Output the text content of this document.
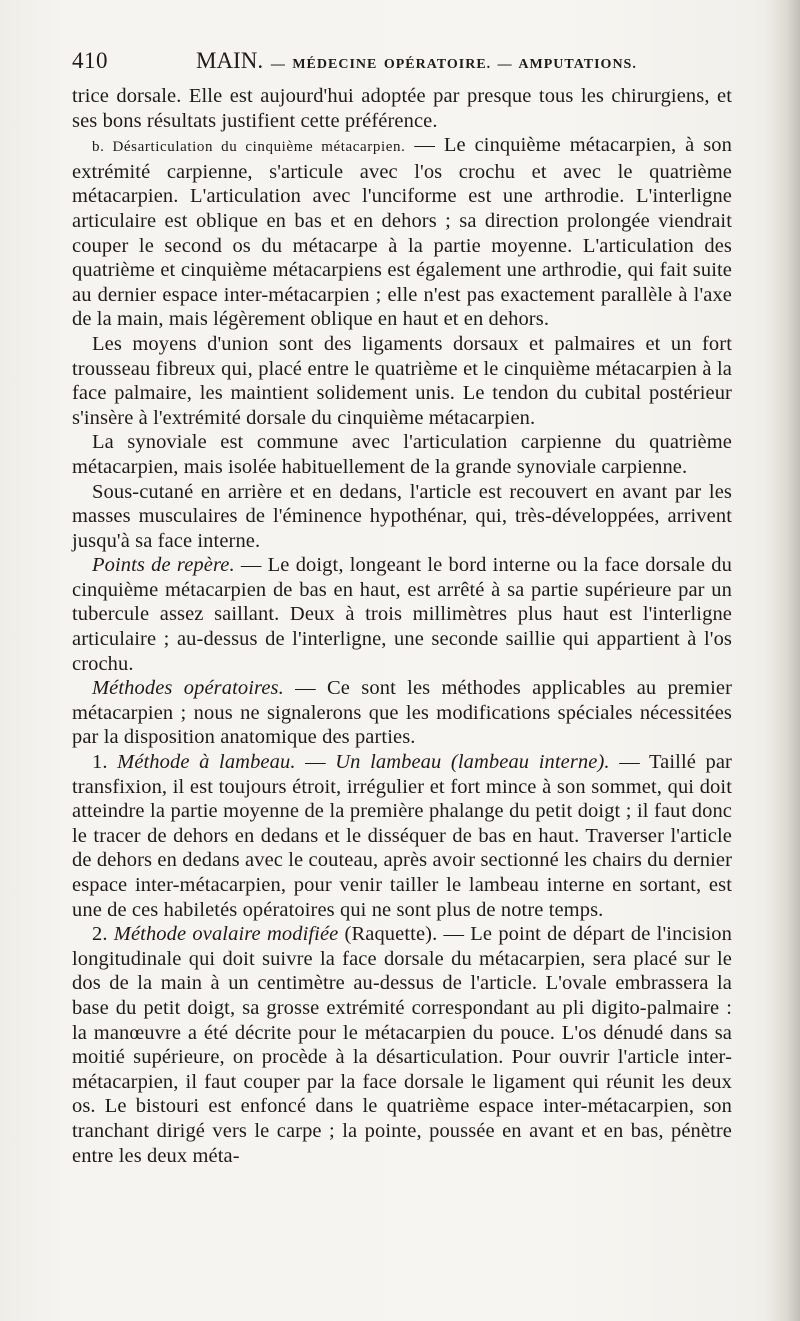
410	MAIN. — MÉDECINE OPÉRATOIRE. — AMPUTATIONS.

trice dorsale. Elle est aujourd'hui adoptée par presque tous les chirurgiens, et ses bons résultats justifient cette préférence.

b. Désarticulation du cinquième métacarpien. — Le cinquième métacarpien, à son extrémité carpienne, s'articule avec l'os crochu et avec le quatrième métacarpien. L'articulation avec l'unciforme est une arthrodie. L'interligne articulaire est oblique en bas et en dehors ; sa direction prolongée viendrait couper le second os du métacarpe à la partie moyenne. L'articulation des quatrième et cinquième métacarpiens est également une arthrodie, qui fait suite au dernier espace inter-métacarpien ; elle n'est pas exactement parallèle à l'axe de la main, mais légèrement oblique en haut et en dehors.

Les moyens d'union sont des ligaments dorsaux et palmaires et un fort trousseau fibreux qui, placé entre le quatrième et le cinquième métacarpien à la face palmaire, les maintient solidement unis. Le tendon du cubital postérieur s'insère à l'extrémité dorsale du cinquième métacarpien.

La synoviale est commune avec l'articulation carpienne du quatrième métacarpien, mais isolée habituellement de la grande synoviale carpienne.

Sous-cutané en arrière et en dedans, l'article est recouvert en avant par les masses musculaires de l'éminence hypothénar, qui, très-développées, arrivent jusqu'à sa face interne.

Points de repère. — Le doigt, longeant le bord interne ou la face dorsale du cinquième métacarpien de bas en haut, est arrêté à sa partie supérieure par un tubercule assez saillant. Deux à trois millimètres plus haut est l'interligne articulaire ; au-dessus de l'interligne, une seconde saillie qui appartient à l'os crochu.

Méthodes opératoires. — Ce sont les méthodes applicables au premier métacarpien ; nous ne signalerons que les modifications spéciales nécessitées par la disposition anatomique des parties.

1. Méthode à lambeau. — Un lambeau (lambeau interne). — Taillé par transfixion, il est toujours étroit, irrégulier et fort mince à son sommet, qui doit atteindre la partie moyenne de la première phalange du petit doigt ; il faut donc le tracer de dehors en dedans et le disséquer de bas en haut. Traverser l'article de dehors en dedans avec le couteau, après avoir sectionné les chairs du dernier espace inter-métacarpien, pour venir tailler le lambeau interne en sortant, est une de ces habiletés opératoires qui ne sont plus de notre temps.

2. Méthode ovalaire modifiée (Raquette). — Le point de départ de l'incision longitudinale qui doit suivre la face dorsale du métacarpien, sera placé sur le dos de la main à un centimètre au-dessus de l'article. L'ovale embrassera la base du petit doigt, sa grosse extrémité correspondant au pli digito-palmaire : la manœuvre a été décrite pour le métacarpien du pouce. L'os dénudé dans sa moitié supérieure, on procède à la désarticulation. Pour ouvrir l'article inter-métacarpien, il faut couper par la face dorsale le ligament qui réunit les deux os. Le bistouri est enfoncé dans le quatrième espace inter-métacarpien, son tranchant dirigé vers le carpe ; la pointe, poussée en avant et en bas, pénètre entre les deux méta-
